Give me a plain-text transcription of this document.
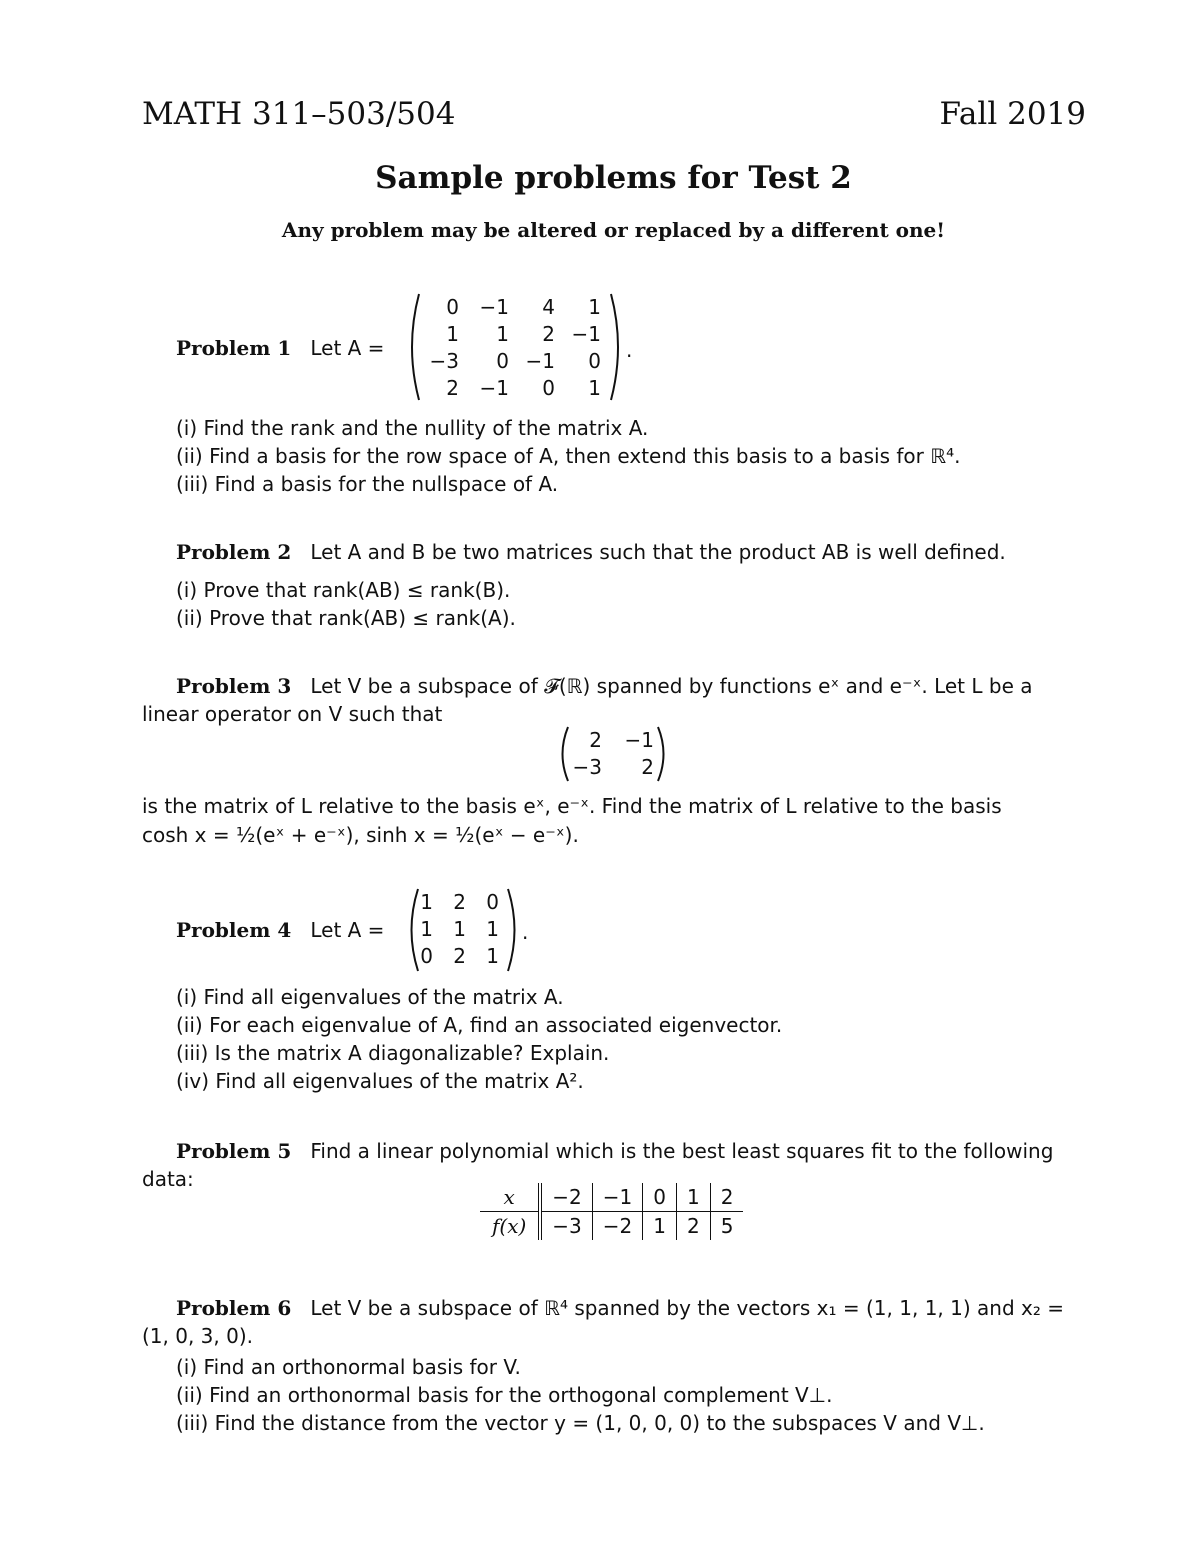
MATH 311–503/504	Fall 2019
Sample problems for Test 2
Any problem may be altered or replaced by a different one!
Problem 1 Let A =
0	−1	4	1
1	1	2	−1
−3	0	−1	0
2	−1	0	1
.
(i) Find the rank and the nullity of the matrix A.
(ii) Find a basis for the row space of A, then extend this basis to a basis for ℝ⁴.
(iii) Find a basis for the nullspace of A.
Problem 2 Let A and B be two matrices such that the product AB is well defined.
(i) Prove that rank(AB) ≤ rank(B).
(ii) Prove that rank(AB) ≤ rank(A).
Problem 3 Let V be a subspace of 𝓕(ℝ) spanned by functions eˣ and e⁻ˣ. Let L be a linear operator on V such that
2	−1
−3	2
is the matrix of L relative to the basis eˣ, e⁻ˣ. Find the matrix of L relative to the basis
cosh x = ½(eˣ + e⁻ˣ), sinh x = ½(eˣ − e⁻ˣ).
Problem 4 Let A =
1	2	0
1	1	1
0	2	1
.
(i) Find all eigenvalues of the matrix A.
(ii) For each eigenvalue of A, find an associated eigenvector.
(iii) Is the matrix A diagonalizable? Explain.
(iv) Find all eigenvalues of the matrix A².
Problem 5 Find a linear polynomial which is the best least squares fit to the following data:
x	−2	−1	0	1	2
f(x)	−3	−2	1	2	5
Problem 6 Let V be a subspace of ℝ⁴ spanned by the vectors x₁ = (1, 1, 1, 1) and x₂ = (1, 0, 3, 0).
(i) Find an orthonormal basis for V.
(ii) Find an orthonormal basis for the orthogonal complement V⊥.
(iii) Find the distance from the vector y = (1, 0, 0, 0) to the subspaces V and V⊥.
